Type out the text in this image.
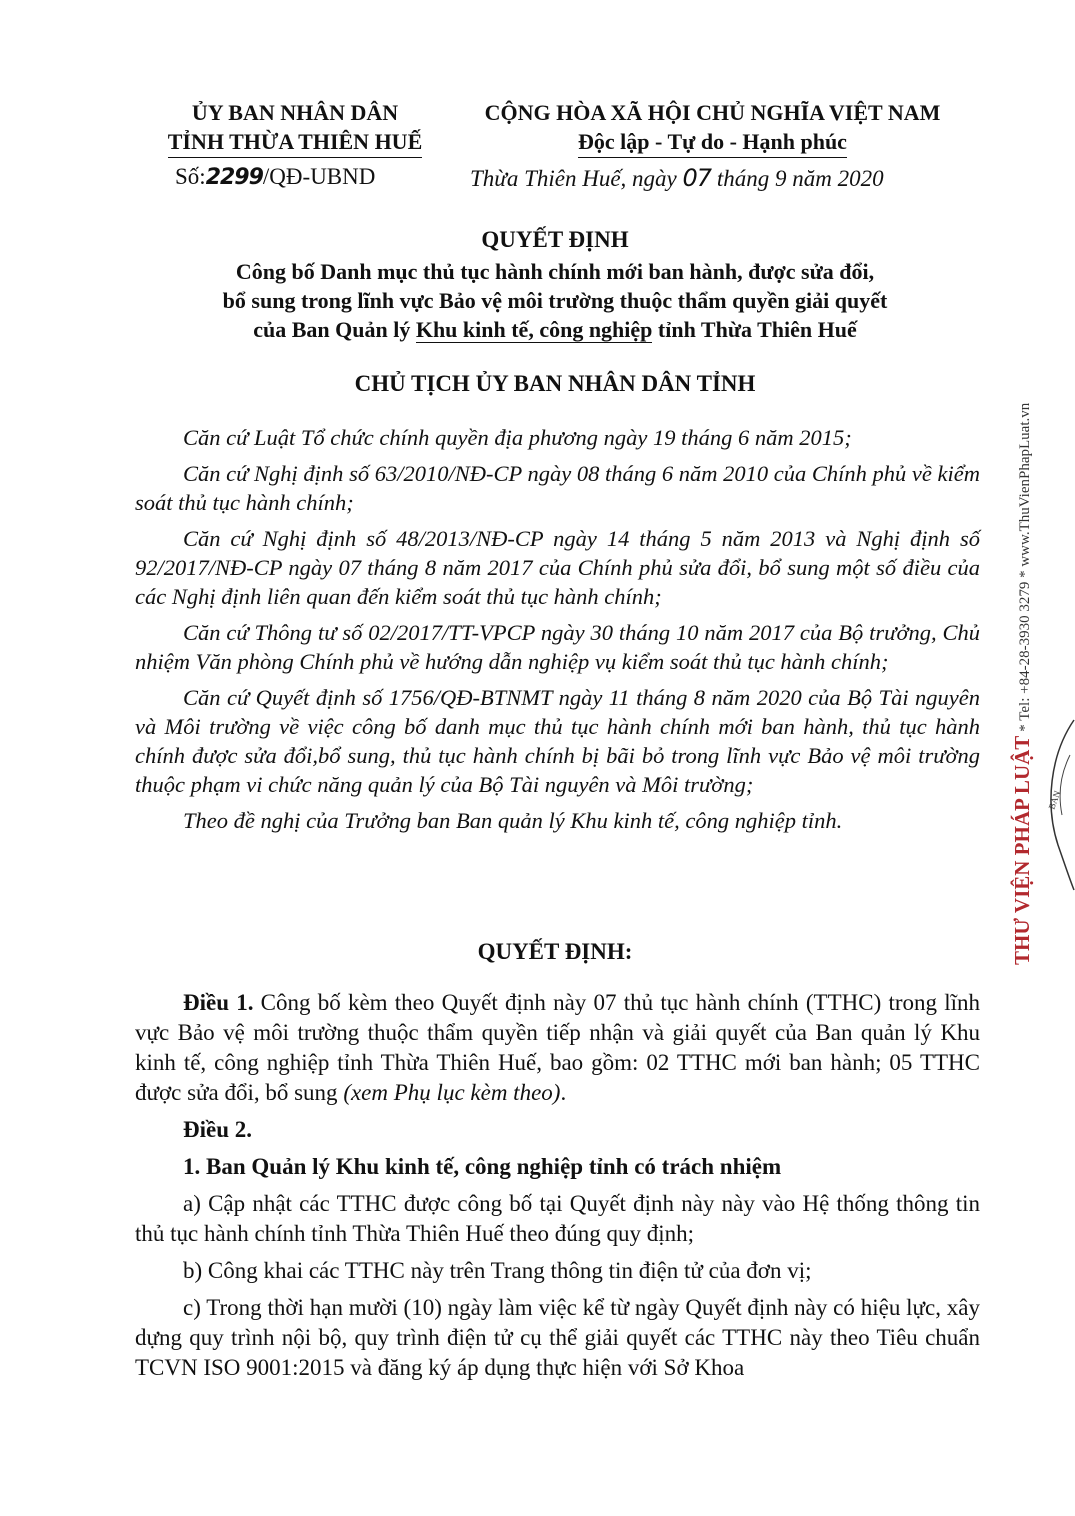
ỦY BAN NHÂN DÂN
TỈNH THỪA THIÊN HUẾ
Số:2299/QĐ-UBND
CỘNG HÒA XÃ HỘI CHỦ NGHĨA VIỆT NAM
Độc lập - Tự do - Hạnh phúc
Thừa Thiên Huế, ngày 07 tháng 9 năm 2020
QUYẾT ĐỊNH
Công bố Danh mục thủ tục hành chính mới ban hành, được sửa đổi,
bổ sung trong lĩnh vực Bảo vệ môi trường thuộc thẩm quyền giải quyết
của Ban Quản lý Khu kinh tế, công nghiệp tỉnh Thừa Thiên Huế
CHỦ TỊCH ỦY BAN NHÂN DÂN TỈNH

Căn cứ Luật Tổ chức chính quyền địa phương ngày 19 tháng 6 năm 2015;

Căn cứ Nghị định số 63/2010/NĐ-CP ngày 08 tháng 6 năm 2010 của Chính phủ về kiểm soát thủ tục hành chính;

Căn cứ Nghị định số 48/2013/NĐ-CP ngày 14 tháng 5 năm 2013 và Nghị định số 92/2017/NĐ-CP ngày 07 tháng 8 năm 2017 của Chính phủ sửa đổi, bổ sung một số điều của các Nghị định liên quan đến kiểm soát thủ tục hành chính;

Căn cứ Thông tư số 02/2017/TT-VPCP ngày 30 tháng 10 năm 2017 của Bộ trưởng, Chủ nhiệm Văn phòng Chính phủ về hướng dẫn nghiệp vụ kiểm soát thủ tục hành chính;

Căn cứ Quyết định số 1756/QĐ-BTNMT ngày 11 tháng 8 năm 2020 của Bộ Tài nguyên và Môi trường về việc công bố danh mục thủ tục hành chính mới ban hành, thủ tục hành chính được sửa đổi,bổ sung, thủ tục hành chính bị bãi bỏ trong lĩnh vực Bảo vệ môi trường thuộc phạm vi chức năng quản lý của Bộ Tài nguyên và Môi trường;

Theo đề nghị của Trưởng ban Ban quản lý Khu kinh tế, công nghiệp tỉnh.

QUYẾT ĐỊNH:

Điều 1. Công bố kèm theo Quyết định này 07 thủ tục hành chính (TTHC) trong lĩnh vực Bảo vệ môi trường thuộc thẩm quyền tiếp nhận và giải quyết của Ban quản lý Khu kinh tế, công nghiệp tỉnh Thừa Thiên Huế, bao gồm: 02 TTHC mới ban hành; 05 TTHC được sửa đổi, bổ sung (xem Phụ lục kèm theo).

Điều 2.

1. Ban Quản lý Khu kinh tế, công nghiệp tỉnh có trách nhiệm

a) Cập nhật các TTHC được công bố tại Quyết định này này vào Hệ thống thông tin thủ tục hành chính tỉnh Thừa Thiên Huế theo đúng quy định;

b) Công khai các TTHC này trên Trang thông tin điện tử của đơn vị;

c) Trong thời hạn mười (10) ngày làm việc kể từ ngày Quyết định này có hiệu lực, xây dựng quy trình nội bộ, quy trình điện tử cụ thể giải quyết các TTHC này theo Tiêu chuẩn TCVN ISO 9001:2015 và đăng ký áp dụng thực hiện với Sở Khoa

THƯ VIỆN PHÁP LUẬT * Tel: +84-28-3930 3279 * www.ThuVienPhapLuat.vn
BAN
